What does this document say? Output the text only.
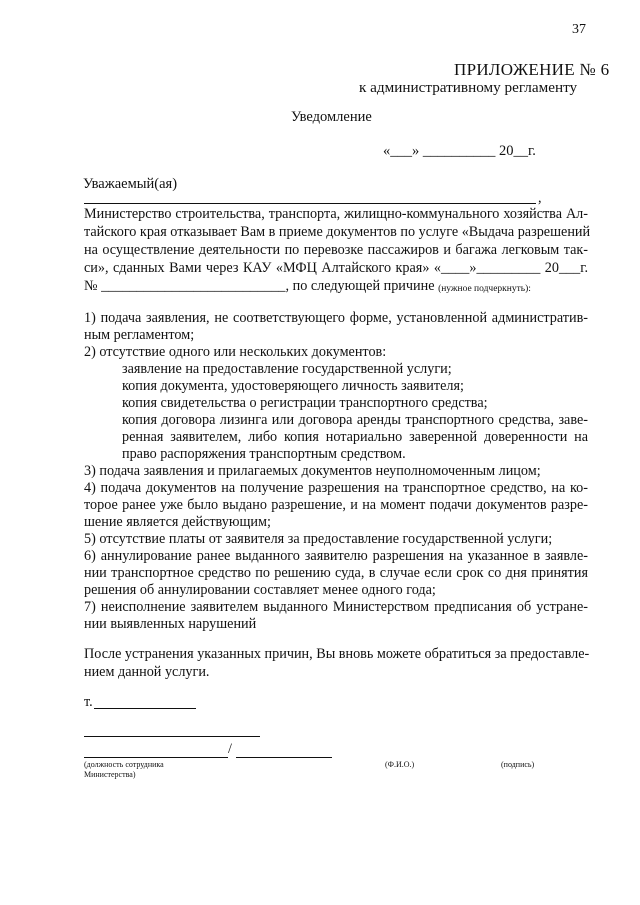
37
ПРИЛОЖЕНИЕ № 6
к административному регламенту
Уведомление
«___» __________ 20__г.
Уважаемый(ая)
,
Министерство строительства, транспорта, жилищно-коммунального хозяйства Ал-
тайского края отказывает Вам в приеме документов по услуге «Выдача разрешений
на осуществление деятельности по перевозке пассажиров и багажа легковым так-
си», сданных Вами через КАУ «МФЦ Алтайского края» «____»_________ 20___г.
№ __________________________, по следующей причине (нужное подчеркнуть):
1) подача заявления, не соответствующего форме, установленной административ-
ным регламентом;
2) отсутствие одного или нескольких документов:
заявление на предоставление государственной услуги;
копия документа, удостоверяющего личность заявителя;
копия свидетельства о регистрации транспортного средства;
копия договора лизинга или договора аренды транспортного средства, заве-
ренная заявителем, либо копия нотариально заверенной доверенности на
право распоряжения транспортным средством.
3) подача заявления и прилагаемых документов неуполномоченным лицом;
4) подача документов на получение разрешения на транспортное средство, на ко-
торое ранее уже было выдано разрешение, и на момент подачи документов разре-
шение является действующим;
5) отсутствие платы от заявителя за предоставление государственной услуги;
6) аннулирование ранее выданного заявителю разрешения на указанное в заявле-
нии транспортное средство по решению суда, в случае если срок со дня принятия
решения об аннулировании составляет менее одного года;
7) неисполнение заявителем выданного Министерством предписания об устране-
нии выявленных нарушений
После устранения указанных причин, Вы вновь можете обратиться за предоставле-
нием данной услуги.
т.
/
(должность сотрудника
Министерства)
(Ф.И.О.)	(подпись)
